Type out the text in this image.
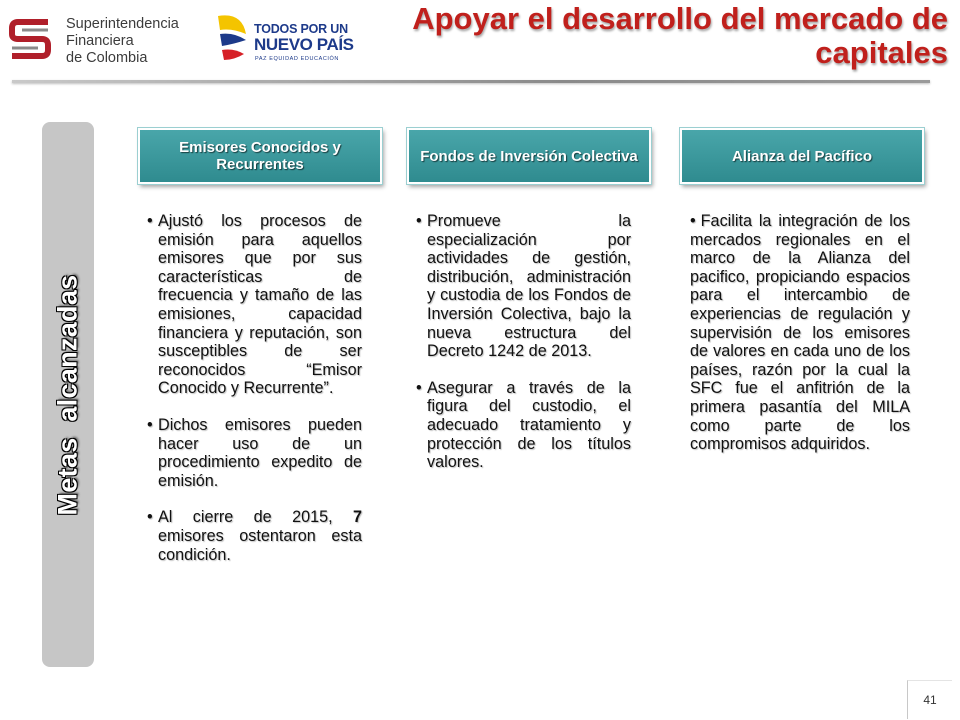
Superintendencia
Financiera
de Colombia
TODOS POR UN
NUEVO PAÍS
PAZ EQUIDAD EDUCACIÓN
Apoyar el desarrollo del mercado de capitales
Metas alcanzadas
Emisores Conocidos y Recurrentes	Fondos de Inversión Colectiva	Alianza del Pacífico
• Ajustó los procesos de emisión para aquellos emisores que por sus características de frecuencia y tamaño de las emisiones, capacidad financiera y reputación, son susceptibles de ser reconocidos “Emisor Conocido y Recurrente”.
• Dichos emisores pueden hacer uso de un procedimiento expedito de emisión.
• Al cierre de 2015, 7 emisores ostentaron esta condición.
• Promueve la especialización por actividades de gestión, distribución, administración y custodia de los Fondos de Inversión Colectiva, bajo la nueva estructura del Decreto 1242 de 2013.
• Asegurar a través de la figura del custodio, el adecuado tratamiento y protección de los títulos valores.
• Facilita la integración de los mercados regionales en el marco de la Alianza del pacifico, propiciando espacios para el intercambio de experiencias de regulación y supervisión de los emisores de valores en cada uno de los países, razón por la cual la SFC fue el anfitrión de la primera pasantía del MILA como parte de los compromisos adquiridos.
41
